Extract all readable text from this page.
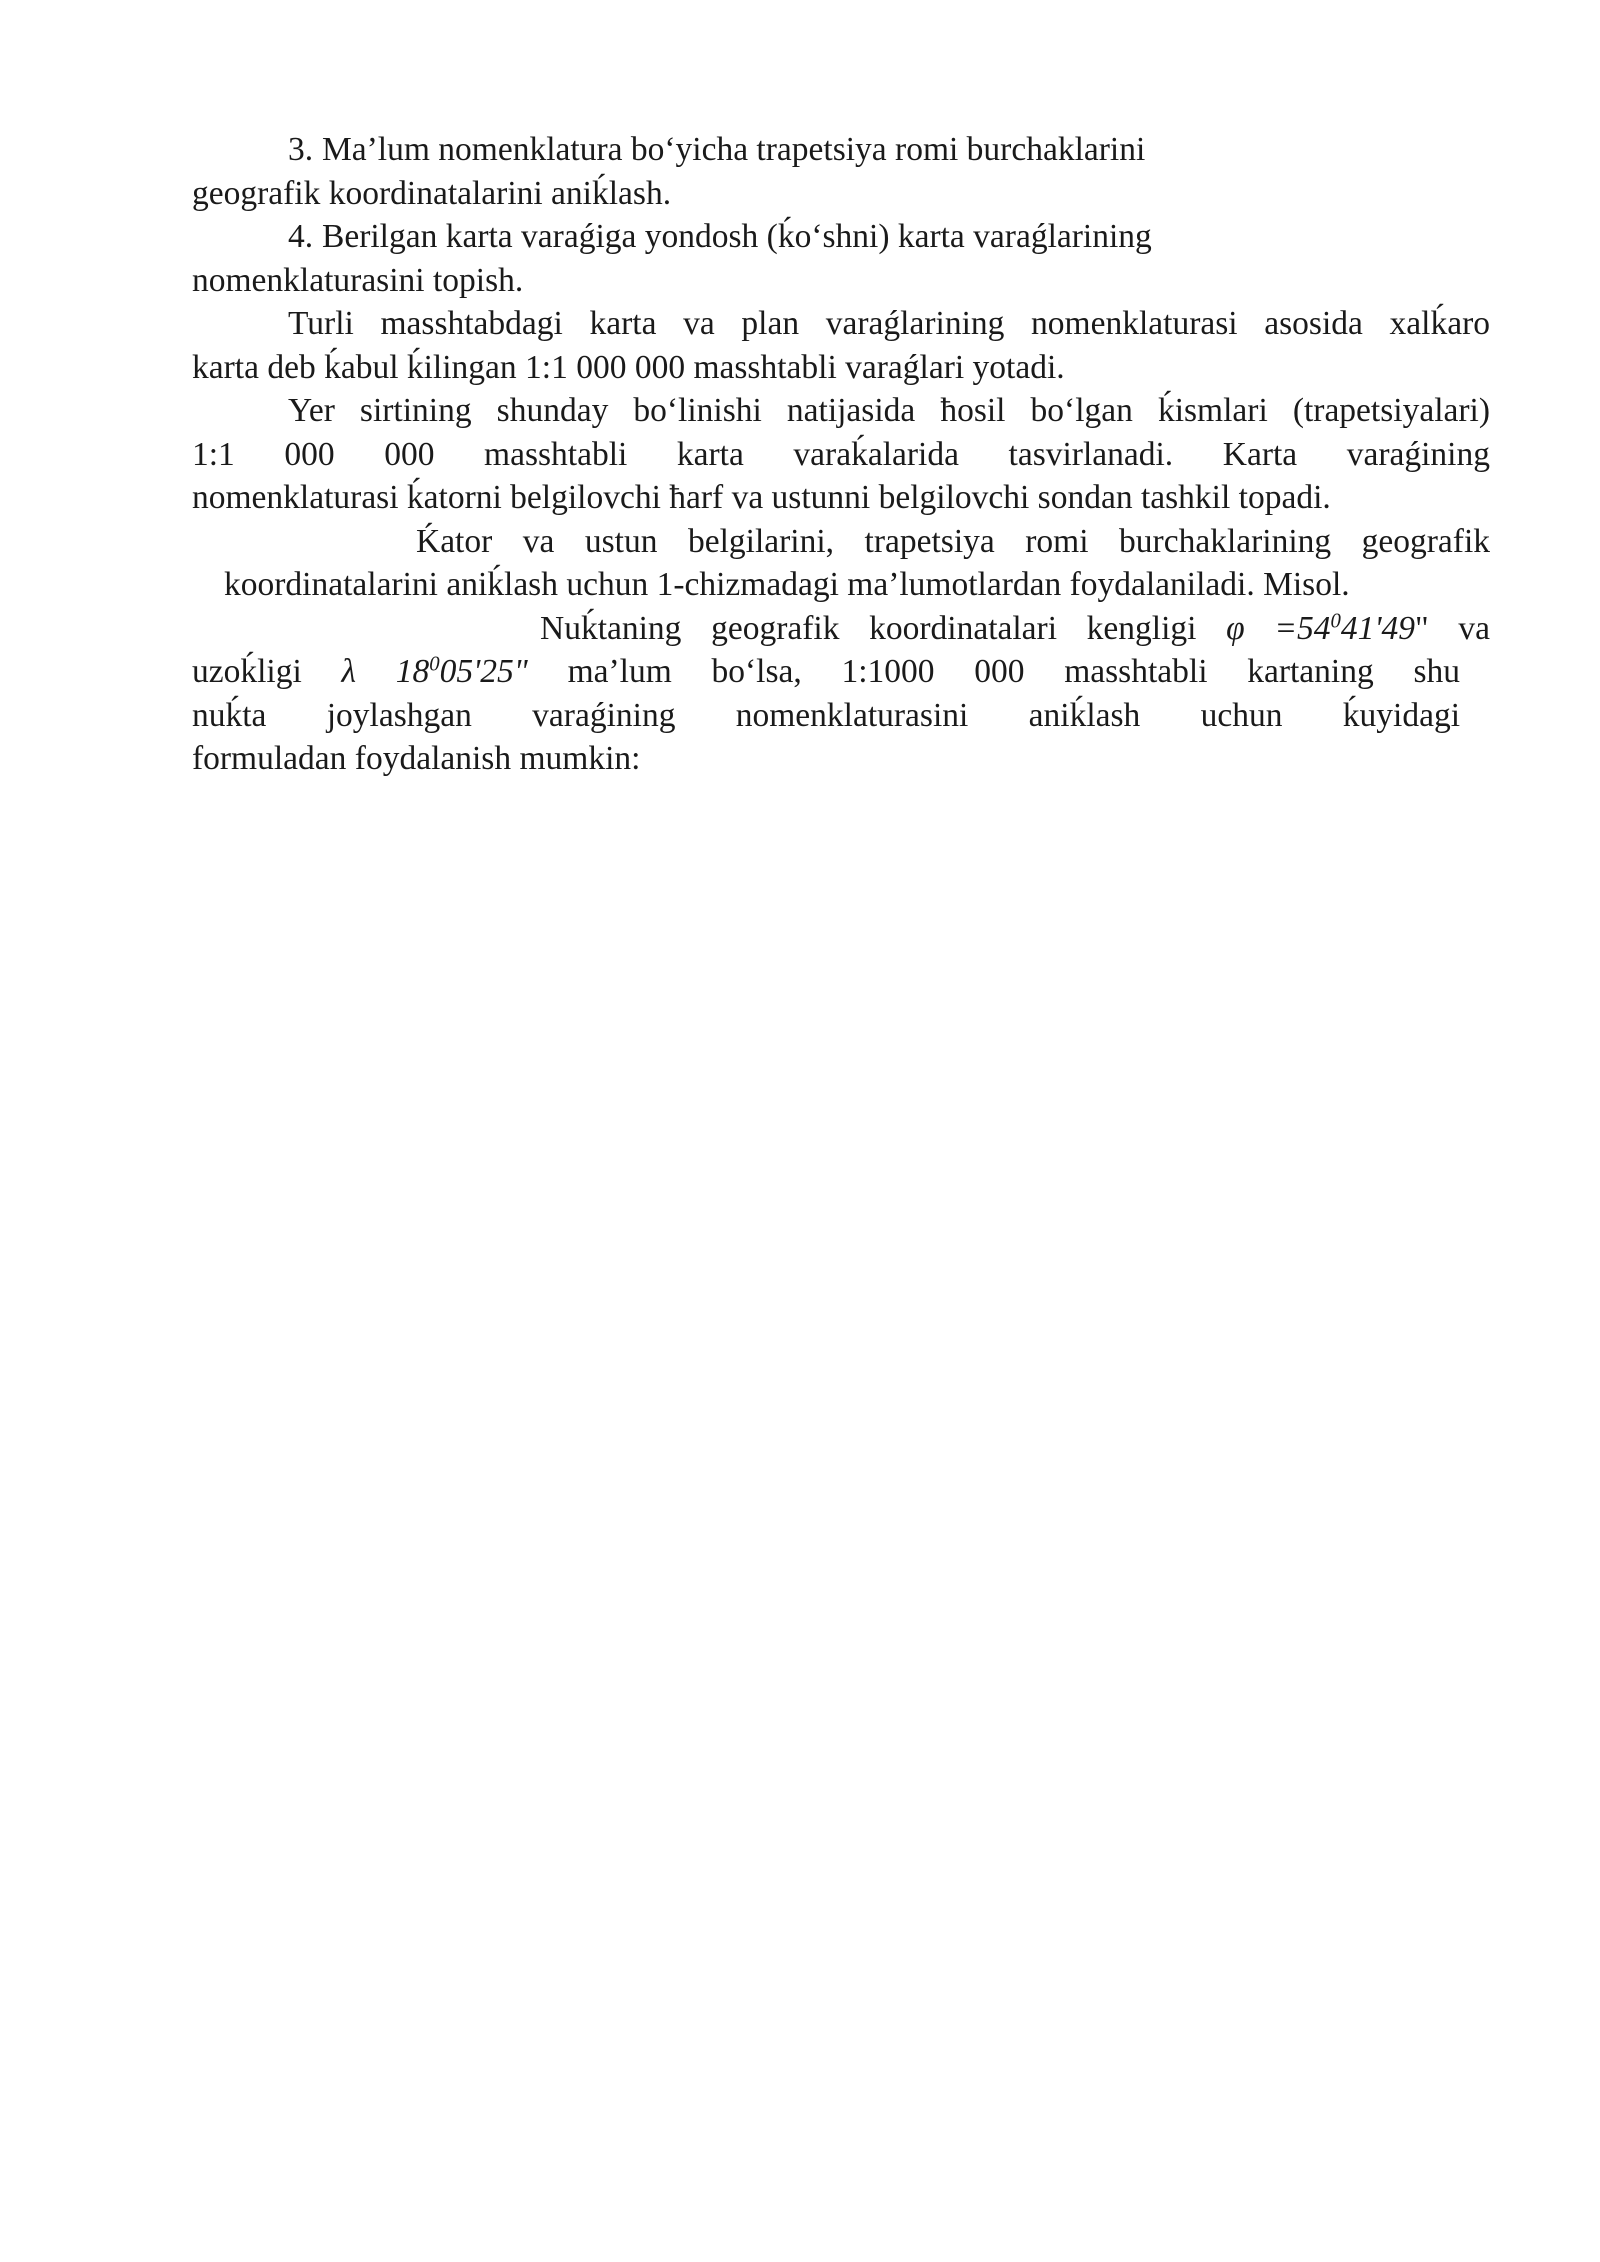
3. Ma’lum nomenklatura bo‘yicha trapetsiya romi burchaklarini
geografik koordinatalarini aniḱlash.
4. Berilgan karta varaǵiga yondosh (ḱo‘shni) karta varaǵlarining
nomenklaturasini topish.
Turli masshtabdagi karta va plan varaǵlarining nomenklaturasi asosida xalḱaro
karta deb ḱabul ḱilingan 1:1 000 000 masshtabli varaǵlari yotadi.
Yer sirtining shunday bo‘linishi natijasida ħosil bo‘lgan ḱismlari (trapetsiyalari)
1:1 000 000 masshtabli karta varaḱalarida tasvirlanadi. Karta varaǵining
nomenklaturasi ḱatorni belgilovchi ħarf va ustunni belgilovchi sondan tashkil topadi.
Ḱator va ustun belgilarini, trapetsiya romi burchaklarining geografik
koordinatalarini aniḱlash uchun 1-chizmadagi ma’lumotlardan foydalaniladi. Misol.
Nuḱtaning geografik koordinatalari kengligi $\varphi =54^041'49$" va
uzoḱligi λ $18^005'25$" ma’lum bo‘lsa, 1:1000 000 masshtabli kartaning shu
nuḱta joylashgan varaǵining nomenklaturasini aniḱlash uchun ḱuyidagi
formuladan foydalanish mumkin:
